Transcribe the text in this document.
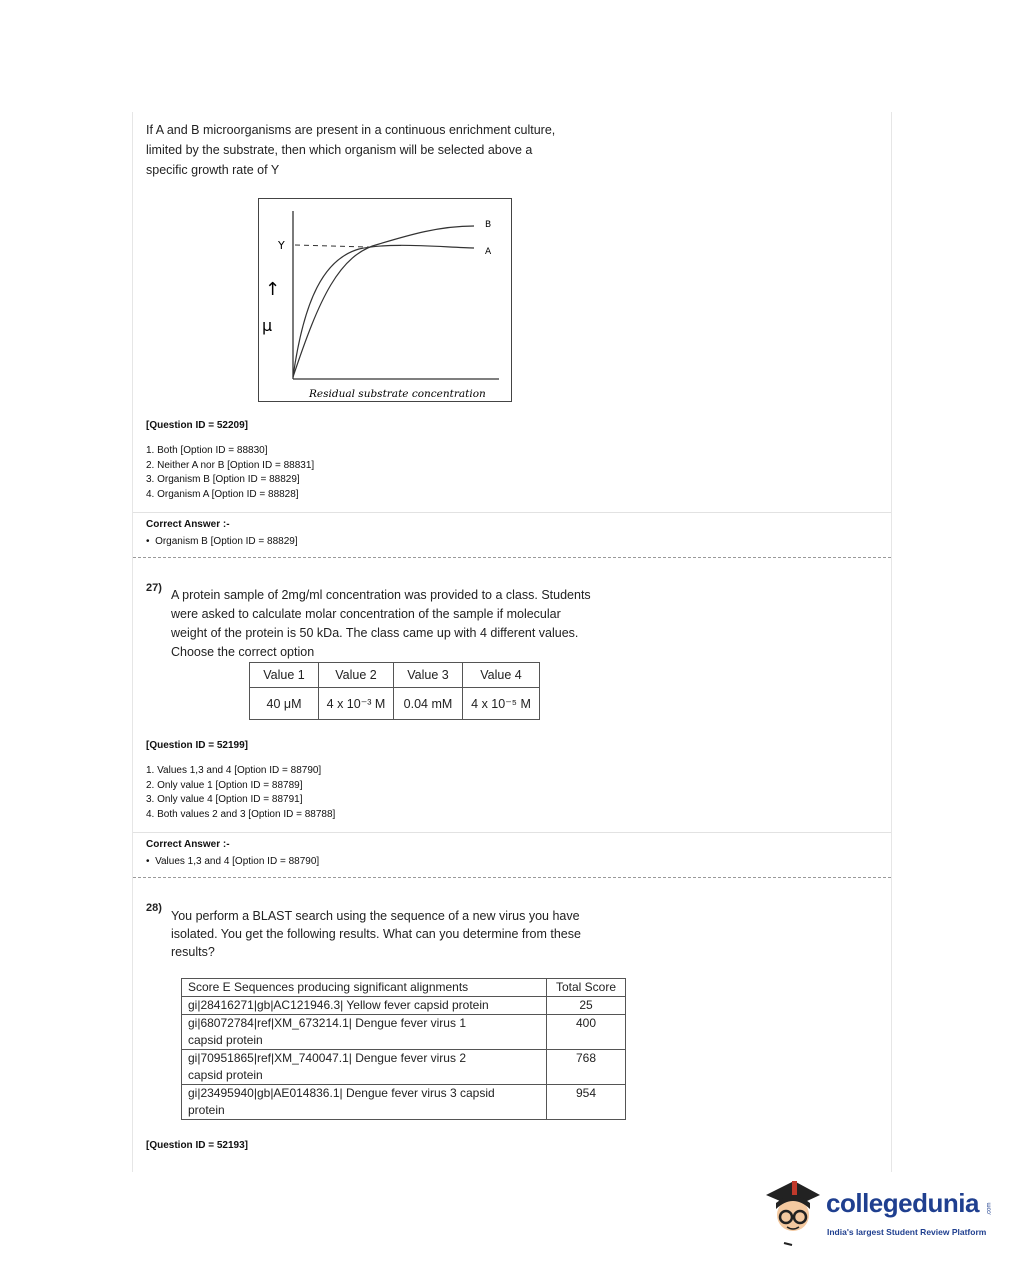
If A and B microorganisms are present in a continuous enrichment culture,
limited by the substrate, then which organism will be selected above a
specific growth rate of Y
Y
↑
μ
B
A
Residual substrate concentration
[Question ID = 52209]
1. Both [Option ID = 88830]
2. Neither A nor B [Option ID = 88831]
3. Organism B [Option ID = 88829]
4. Organism A [Option ID = 88828]
Correct Answer :-
•  Organism B [Option ID = 88829]
27) A protein sample of 2mg/ml concentration was provided to a class. Students
were asked to calculate molar concentration of the sample if molecular
weight of the protein is 50 kDa. The class came up with 4 different values.
Choose the correct option
Value 1	Value 2	Value 3	Value 4
40 μM	4 x 10⁻³ M	0.04 mM	4 x 10⁻⁵ M
[Question ID = 52199]
1. Values 1,3 and 4 [Option ID = 88790]
2. Only value 1 [Option ID = 88789]
3. Only value 4 [Option ID = 88791]
4. Both values 2 and 3 [Option ID = 88788]
Correct Answer :-
•  Values 1,3 and 4 [Option ID = 88790]
28)
You perform a BLAST search using the sequence of a new virus you have
isolated. You get the following results. What can you determine from these
results?
Score E Sequences producing significant alignments	Total Score

gi|28416271|gb|AC121946.3| Yellow fever capsid protein	25

gi|68072784|ref|XM_673214.1| Dengue fever virus 1
capsid protein	400

gi|70951865|ref|XM_740047.1| Dengue fever virus 2
capsid protein	768

gi|23495940|gb|AE014836.1| Dengue fever virus 3 capsid
protein	954
[Question ID = 52193]
collegedunia .com
India's largest Student Review Platform
